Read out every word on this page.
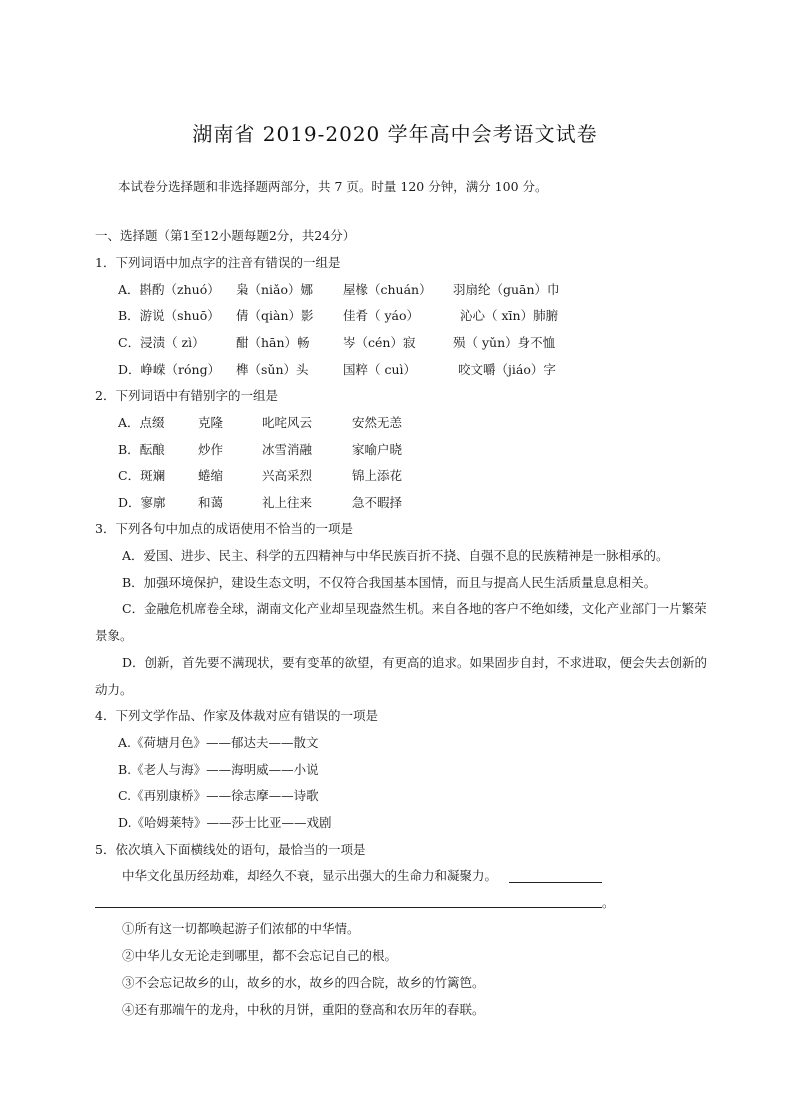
湖南省 2019-2020 学年高中会考语文试卷
本试卷分选择题和非选择题两部分，共 7 页。时量 120 分钟，满分 100 分。
一、选择题（第1至12小题每题2分，共24分）
1．下列词语中加点字的注音有错误的一组是
A．斟酌（zhuó） 枭（niǎo）娜 屋椽（chuán） 羽扇纶（guān）巾
B．游说（shuō） 倩（qiàn）影 佳肴（ yáo）	沁心（ xīn）肺腑
C．浸渍（ zì）	酣（hān）畅	岑（cén）寂	殒（ yǔn）身不恤
D．峥嵘（róng） 榫（sǔn）头	国粹（ cuì）	咬文嚼（jiáo）字
2．下列词语中有错别字的一组是
A．点缀	克隆	叱咤风云	安然无恙
B．酝酿	炒作	冰雪消融	家喻户晓
C．斑斓	蜷缩	兴高采烈	锦上添花
D．寥廓	和蔼	礼上往来	急不暇择
3．下列各句中加点的成语使用不恰当的一项是
A．爱国、进步、民主、科学的五四精神与中华民族百折不挠、自强不息的民族精神是一脉相承的。
B．加强环境保护，建设生态文明，不仅符合我国基本国情，而且与提高人民生活质量息息相关。
C．金融危机席卷全球，湖南文化产业却呈现盎然生机。来自各地的客户不绝如缕，文化产业部门一片繁荣
景象。
D．创新，首先要不满现状，要有变革的欲望，有更高的追求。如果固步自封，不求进取，便会失去创新的
动力。
4．下列文学作品、作家及体裁对应有错误的一项是
A.《荷塘月色》——郁达夫——散文
B.《老人与海》——海明威——小说
C.《再别康桥》——徐志摩——诗歌
D.《哈姆莱特》——莎士比亚——戏剧
5．依次填入下面横线处的语句，最恰当的一项是
中华文化虽历经劫难，却经久不衰，显示出强大的生命力和凝聚力。
。
①所有这一切都唤起游子们浓郁的中华情。
②中华儿女无论走到哪里，都不会忘记自己的根。
③不会忘记故乡的山，故乡的水，故乡的四合院，故乡的竹篱笆。
④还有那端午的龙舟，中秋的月饼，重阳的登高和农历年的春联。
